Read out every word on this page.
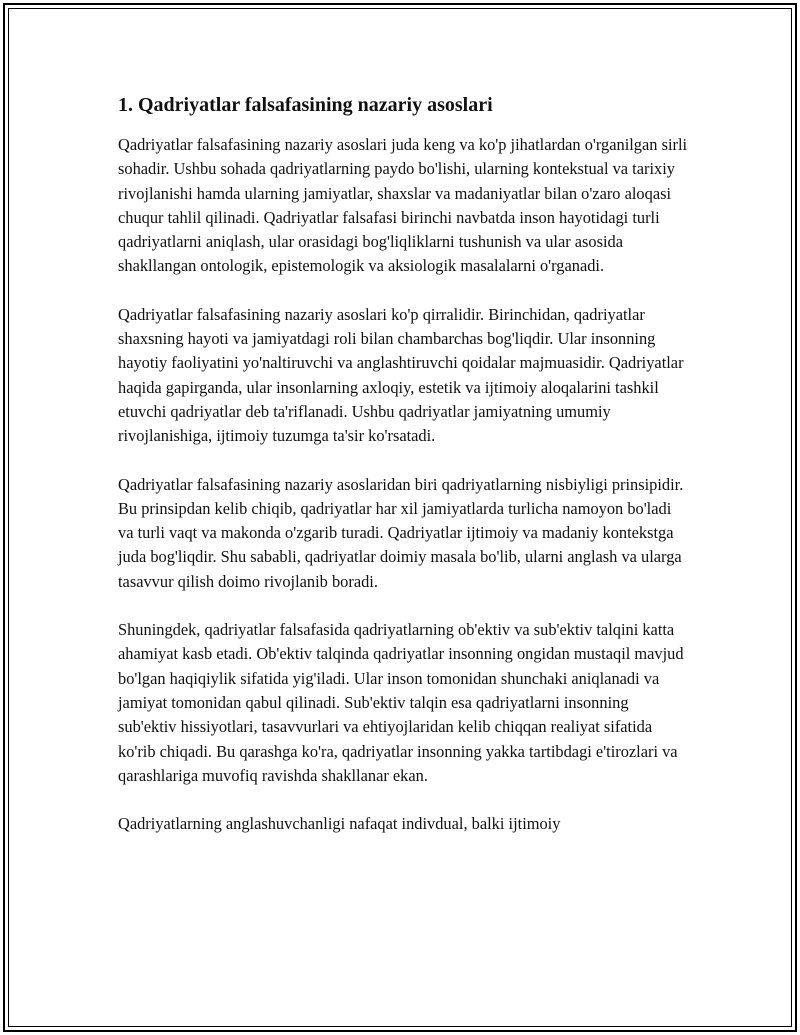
1. Qadriyatlar falsafasining nazariy asoslari

Qadriyatlar falsafasining nazariy asoslari juda keng va ko'p jihatlardan o'rganilgan sirli sohadir. Ushbu sohada qadriyatlarning paydo bo'lishi, ularning kontekstual va tarixiy rivojlanishi hamda ularning jamiyatlar, shaxslar va madaniyatlar bilan o'zaro aloqasi chuqur tahlil qilinadi. Qadriyatlar falsafasi birinchi navbatda inson hayotidagi turli qadriyatlarni aniqlash, ular orasidagi bog'liqliklarni tushunish va ular asosida shakllangan ontologik, epistemologik va aksiologik masalalarni o'rganadi.

Qadriyatlar falsafasining nazariy asoslari ko'p qirralidir. Birinchidan, qadriyatlar shaxsning hayoti va jamiyatdagi roli bilan chambarchas bog'liqdir. Ular insonning hayotiy faoliyatini yo'naltiruvchi va anglashtiruvchi qoidalar majmuasidir. Qadriyatlar haqida gapirganda, ular insonlarning axloqiy, estetik va ijtimoiy aloqalarini tashkil etuvchi qadriyatlar deb ta'riflanadi. Ushbu qadriyatlar jamiyatning umumiy rivojlanishiga, ijtimoiy tuzumga ta'sir ko'rsatadi.

Qadriyatlar falsafasining nazariy asoslaridan biri qadriyatlarning nisbiyligi prinsipidir. Bu prinsipdan kelib chiqib, qadriyatlar har xil jamiyatlarda turlicha namoyon bo'ladi va turli vaqt va makonda o'zgarib turadi. Qadriyatlar ijtimoiy va madaniy kontekstga juda bog'liqdir. Shu sababli, qadriyatlar doimiy masala bo'lib, ularni anglash va ularga tasavvur qilish doimo rivojlanib boradi.

Shuningdek, qadriyatlar falsafasida qadriyatlarning ob'ektiv va sub'ektiv talqini katta ahamiyat kasb etadi. Ob'ektiv talqinda qadriyatlar insonning ongidan mustaqil mavjud bo'lgan haqiqiylik sifatida yig'iladi. Ular inson tomonidan shunchaki aniqlanadi va jamiyat tomonidan qabul qilinadi. Sub'ektiv talqin esa qadriyatlarni insonning sub'ektiv hissiyotlari, tasavvurlari va ehtiyojlaridan kelib chiqqan realiyat sifatida ko'rib chiqadi. Bu qarashga ko'ra, qadriyatlar insonning yakka tartibdagi e'tirozlari va qarashlariga muvofiq ravishda shakllanar ekan.

Qadriyatlarning anglashuvchanligi nafaqat indivdual, balki ijtimoiy
